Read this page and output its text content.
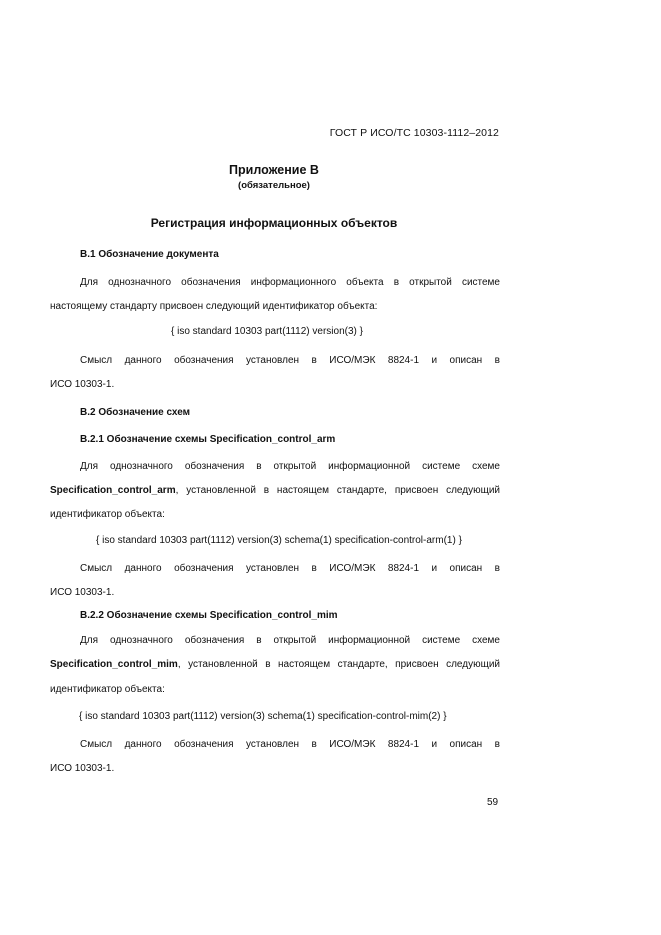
ГОСТ Р ИСО/ТС 10303-1112–2012
Приложение В
(обязательное)
Регистрация информационных объектов
В.1 Обозначение документа
Для однозначного обозначения информационного объекта в открытой системе
настоящему стандарту присвоен следующий идентификатор объекта:
{ iso standard 10303 part(1112) version(3) }
Смысл данного обозначения установлен в ИСО/МЭК 8824-1 и описан в
ИСО 10303-1.
В.2 Обозначение схем
В.2.1 Обозначение схемы Specification_control_arm
Для однозначного обозначения в открытой информационной системе схеме
Specification_control_arm, установленной в настоящем стандарте, присвоен следующий
идентификатор объекта:
{ iso standard 10303 part(1112) version(3) schema(1) specification-control-arm(1) }
Смысл данного обозначения установлен в ИСО/МЭК 8824-1 и описан в
ИСО 10303-1.
В.2.2 Обозначение схемы Specification_control_mim
Для однозначного обозначения в открытой информационной системе схеме
Specification_control_mim, установленной в настоящем стандарте, присвоен следующий
идентификатор объекта:
{ iso standard 10303 part(1112) version(3) schema(1) specification-control-mim(2) }
Смысл данного обозначения установлен в ИСО/МЭК 8824-1 и описан в
ИСО 10303-1.
59
